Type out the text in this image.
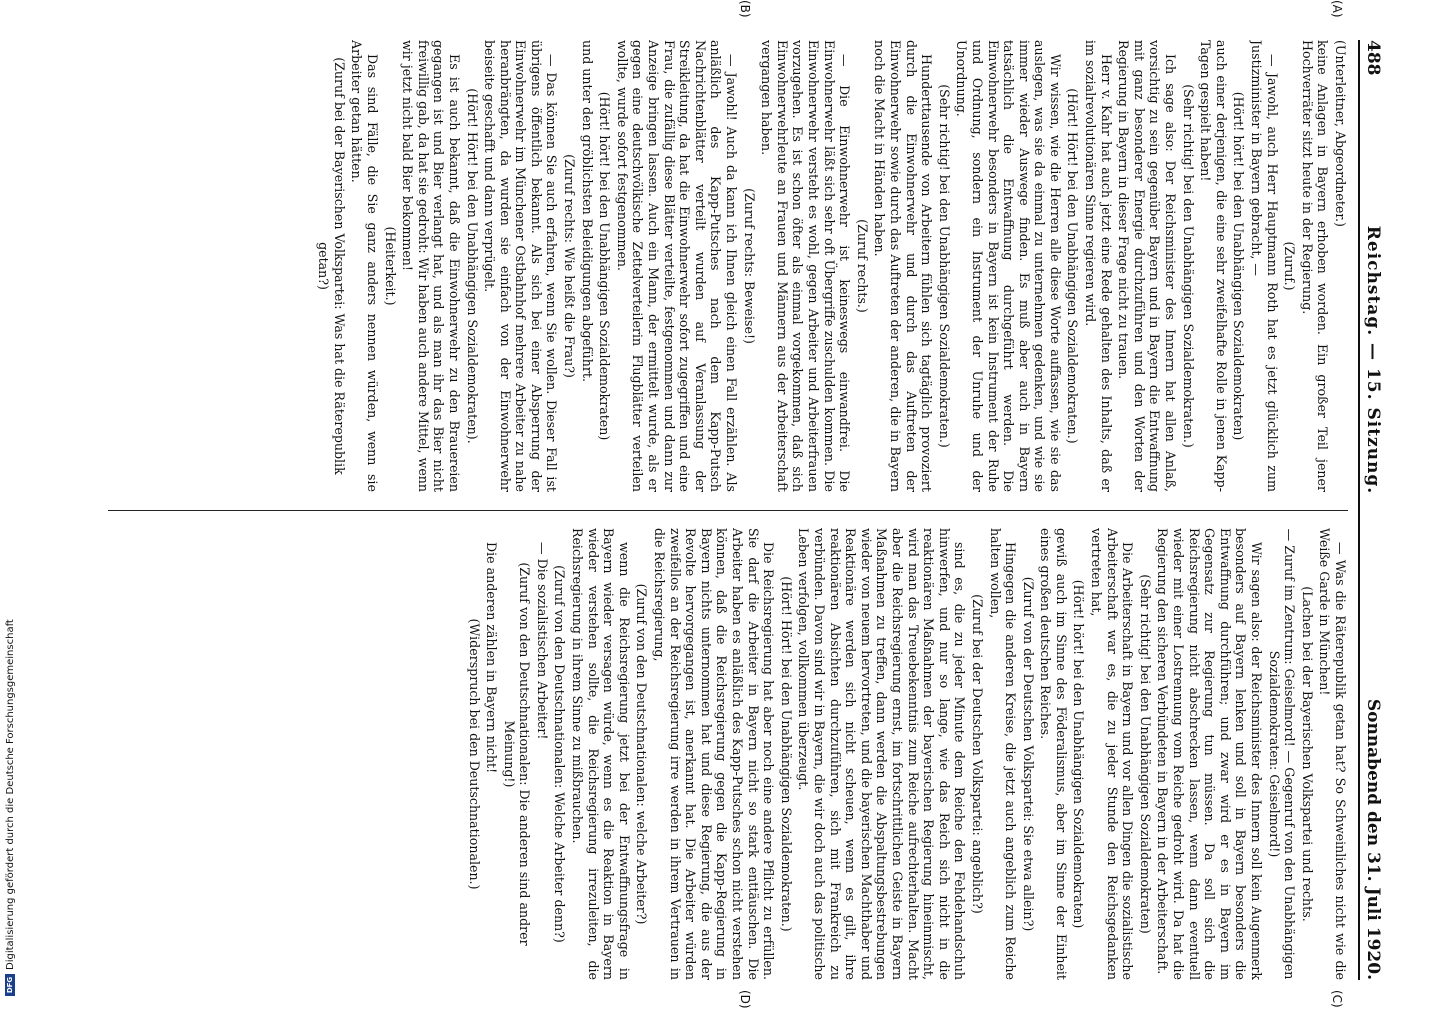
488
Reichstag. — 15. Sitzung.
Sonnabend den 31. Juli 1920.
(A)
(B)
(C)
(D)

(Unterleitner, Abgeordneter.)

keine Anlagen in Bayern erhoben worden. Ein großer Teil jener Hochverräter sitzt heute in der Regierung.

(Zuruf.)

— Jawohl, auch Herr Hauptmann Roth hat es jetzt glücklich zum Justizminister in Bayern gebracht, —

(Hört! hört! bei den Unabhängigen Sozialdemokraten)

auch einer derjenigen, die eine sehr zweifelhafte Rolle in jenen Kapp-Tagen gespielt haben!

(Sehr richtig! bei den Unabhängigen Sozialdemokraten.)

Ich sage also: Der Reichsminister des Innern hat allen Anlaß, vorsichtig zu sein gegenüber Bayern und in Bayern die Entwaffnung mit ganz besonderer Energie durchzuführen und den Worten der Regierung in Bayern in dieser Frage nicht zu trauen.

Herr v. Kahr hat auch jetzt eine Rede gehalten des Inhalts, daß er im sozialrevolutionären Sinne regieren wird.

(Hört! Hört! bei den Unabhängigen Sozialdemokraten.)

Wir wissen, wie die Herren alle diese Worte auffassen, wie sie das auslegen, was sie da einmal zu unternehmen gedenken, und wie sie immer wieder Auswege finden. Es muß aber auch in Bayern tatsächlich die Entwaffnung durchgeführt werden. Die Einwohnerwehr besonders in Bayern ist kein Instrument der Ruhe und Ordnung, sondern ein Instrument der Unruhe und der Unordnung.

(Sehr richtig! bei den Unabhängigen Sozialdemokraten.)

Hunderttausende von Arbeitern fühlen sich tagtäglich provoziert durch die Einwohnerwehr und durch das Auftreten der Einwohnerwehr sowie durch das Auftreten der anderen, die in Bayern noch die Macht in Händen haben.

(Zuruf rechts.)

— Die Einwohnerwehr ist keineswegs einwandfrei. Die Einwohnerwehr läßt sich sehr oft Übergriffe zuschulden kommen. Die Einwohnerwehr versteht es wohl, gegen Arbeiter und Arbeiterfrauen vorzugehen. Es ist schon öfter als einmal vorgekommen, daß sich Einwohnerwehrleute an Frauen und Männern aus der Arbeiterschaft vergangen haben.

(Zuruf rechts: Beweise!)

— Jawohl! Auch da kann ich Ihnen gleich einen Fall erzählen. Als anläßlich des Kapp-Putsches nach dem Kapp-Putsch Nachrichtenblätter verteilt wurden auf Veranlassung der Streikleitung, da hat die Einwohnerwehr sofort zugegriffen und eine Frau, die zufällig diese Blätter verteilte, festgenommen und dann zur Anzeige bringen lassen. Auch ein Mann, der ermittelt wurde, als er gegen eine deutschvölkische Zettelverteilerin Flugblätter verteilen wollte, wurde sofort festgenommen.

(Hört! hört! bei den Unabhängigen Sozialdemokraten)

und unter den gröblichsten Beleidigungen abgeführt.

(Zuruf rechts: Wie heißt die Frau?)

— Das können Sie auch erfahren, wenn Sie wollen. Dieser Fall ist übrigens öffentlich bekannt. Als sich bei einer Absperrung der Einwohnerwehr im Münchener Ostbahnhof mehrere Arbeiter zu nahe heranbrängten, da wurden sie einfach von der Einwohnerwehr beiseite geschafft und dann verprügelt.

(Hört! Hört! bei den Unabhängigen Sozialdemokraten).

Es ist auch bekannt, daß die Einwohnerwehr zu den Brauereien gegangen ist und Bier verlangt hat, und als man ihr das Bier nicht freiwillig gab, da hat sie gedroht: Wir haben auch andere Mittel, wenn wir jetzt nicht bald Bier bekommen!

(Heiterkeit.)

Das sind Fälle, die Sie ganz anders nennen würden, wenn sie Arbeiter getan hätten.

(Zuruf bei der Bayerischen Volkspartei: Was hat die Räterepublik getan?)

— Was die Räterepublik getan hat? So Schweinliches nicht wie die Weiße Garde in München!

(Lachen bei der Bayerischen Volkspartei und rechts.

— Zuruf im Zentrum: Geiselmord! — Gegenruf von den Unabhängigen Sozialdemokraten: Geiselmord!)

Wir sagen also: der Reichsminister des Innern soll kein Augenmerk besonders auf Bayern lenken und soll in Bayern besonders die Entwaffnung durchführen; und zwar wird er es in Bayern im Gegensatz zur Regierung tun müssen. Da soll sich die Reichsregierung nicht abschrecken lassen, wenn dann eventuell wieder mit einer Lostrennung vom Reiche gedroht wird. Da hat die Regierung den sicheren Verbündeten in Bayern in der Arbeiterschaft.

(Sehr richtig! bei den Unabhängigen Sozialdemokraten)

Die Arbeiterschaft in Bayern und vor allen Dingen die sozialistische Arbeiterschaft war es, die zu jeder Stunde den Reichsgedanken vertreten hat,

(Hört! hört! bei den Unabhängigen Sozialdemokraten)

gewiß auch im Sinne des Föderalismus, aber im Sinne der Einheit eines großen deutschen Reiches.

(Zuruf von der Deutschen Volkspartei: Sie etwa allein?)

Hingegen die anderen Kreise, die jetzt auch angeblich zum Reiche halten wollen,

(Zuruf bei der Deutschen Volkspartei: angeblich?)

sind es, die zu jeder Minute dem Reiche den Fehdehandschuh hinwerfen, und nur so lange, wie das Reich sich nicht in die reaktionären Maßnahmen der bayerischen Regierung hineinmischt, wird man das Treuebekenntnis zum Reiche aufrechterhalten. Macht aber die Reichsregierung ernst, im fortschrittlichen Geiste in Bayern Maßnahmen zu treffen, dann werden die Abspaltungsbestrebungen wieder von neuem hervortreten, und die bayerischen Machthaber und Reaktionäre werden sich nicht scheuen, wenn es gilt, ihre reaktionären Absichten durchzuführen, sich mit Frankreich zu verbünden. Davon sind wir in Bayern, die wir doch auch das politische Leben verfolgen, vollkommen überzeugt.

(Hört! Hört! bei den Unabhängigen Sozialdemokraten.)

Die Reichsregierung hat aber noch eine andere Pflicht zu erfüllen. Sie darf die Arbeiter in Bayern nicht so stark enttäuschen. Die Arbeiter haben es anläßlich des Kapp-Putsches schon nicht verstehen können, daß die Reichsregierung gegen die Kapp-Regierung in Bayern nichts unternommen hat und diese Regierung, die aus der Revolte hervorgegangen ist, anerkannt hat. Die Arbeiter würden zweifellos an der Reichsregierung irre werden in ihrem Vertrauen in die Reichsregierung,

(Zuruf von den Deutschnationalen: welche Arbeiter?)

wenn die Reichsregierung jetzt bei der Entwaffnungsfrage in Bayern wieder versagen würde, wenn es die Reaktion in Bayern wieder verstehen sollte, die Reichsregierung irrezuleiten, die Reichsregierung in ihrem Sinne zu mißbrauchen.

(Zuruf von den Deutschnationalen: Welche Arbeiter denn?)

— Die sozialistischen Arbeiter!

(Zuruf von den Deutschnationalen: Die anderen sind andrer Meinung!)

Die anderen zählen in Bayern nicht!

(Widerspruch bei den Deutschnationalen.)

DFG
Digitalisierung gefördert durch die Deutsche Forschungsgemeinschaft
